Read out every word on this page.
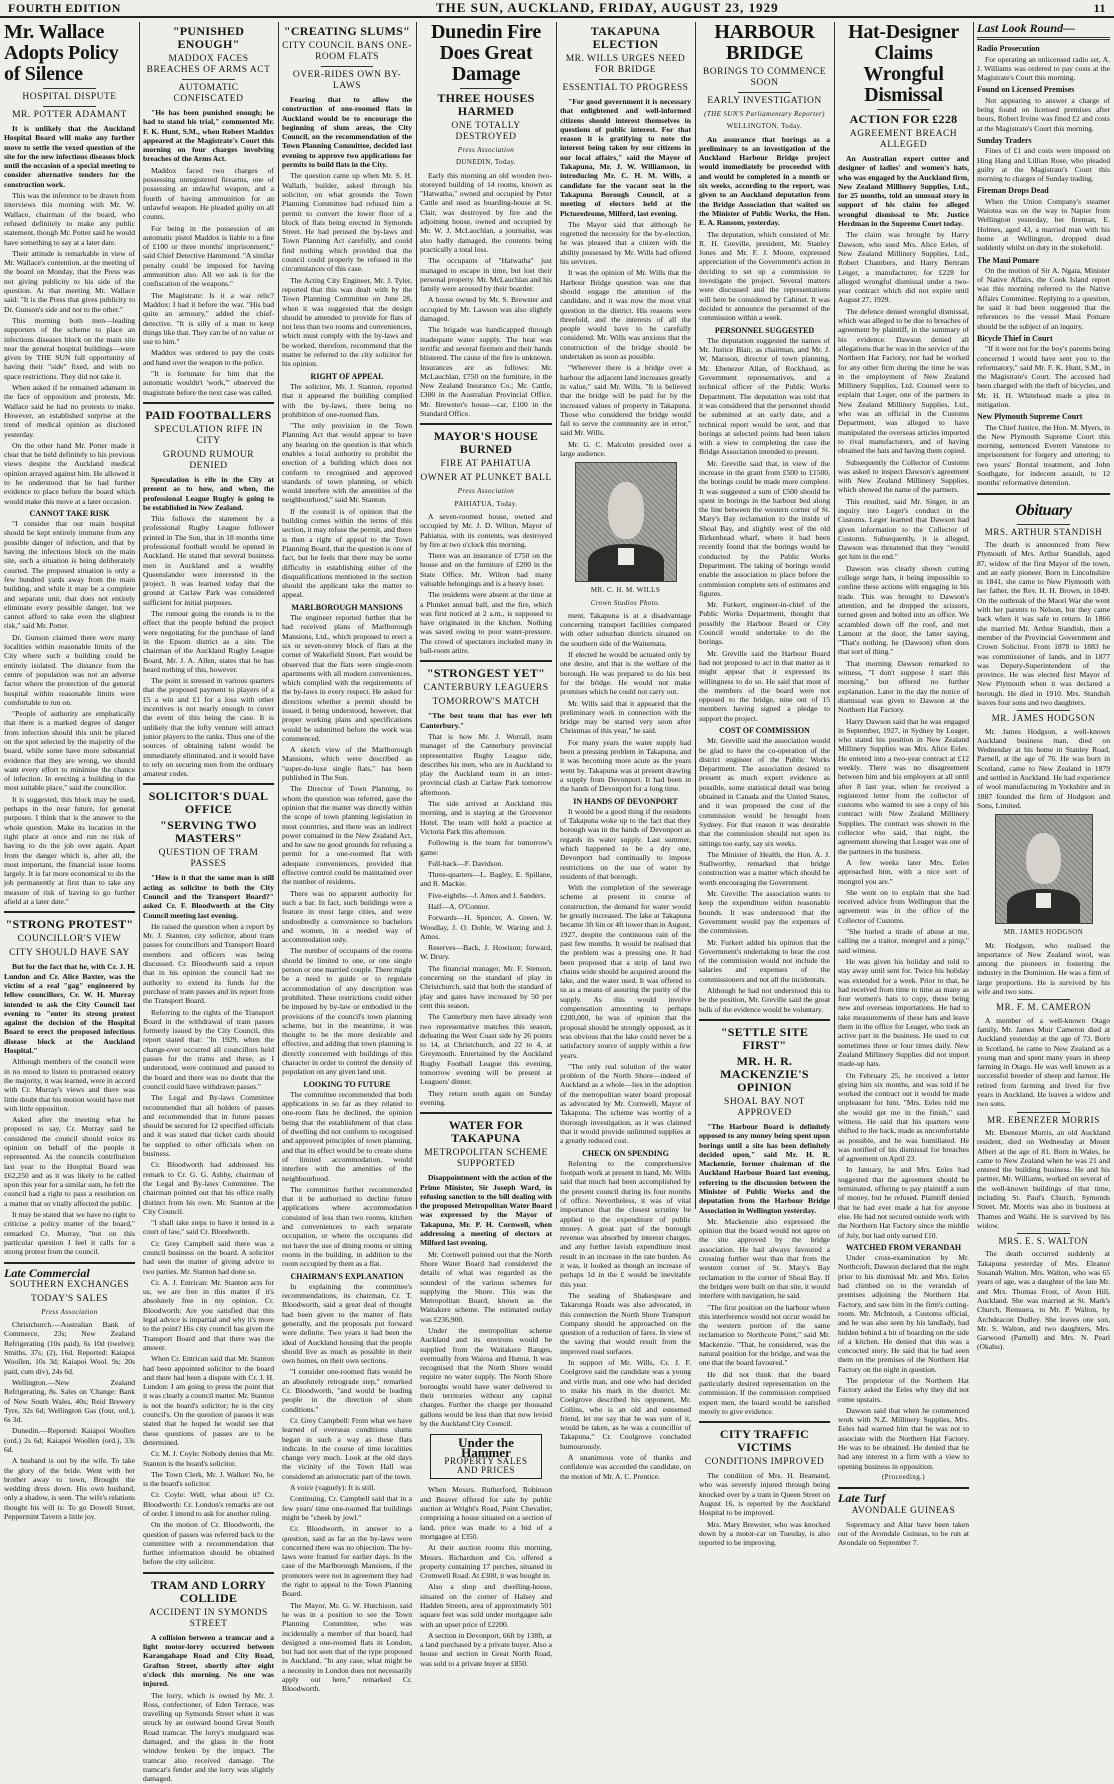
FOURTH EDITION	THE SUN, AUCKLAND, FRIDAY, AUGUST 23, 1929	11
Mr. Wallace Adopts Policy of Silence
HOSPITAL DISPUTE
MR. POTTER ADAMANT

It is unlikely that the Auckland Hospital Board will make any further move to settle the vexed question of the site for the new infectious diseases block until the occasion of a special meeting to consider alternative tenders for the construction work.

This was the inference to be drawn from interviews this morning with Mr. W. Wallace, chairman of the board, who refused definitely to make any public statement, though Mr. Potter said he would have something to say at a later date.

Their attitude is remarkable in view of Mr. Wallace's contention, at the meeting of the board on Monday, that the Press was not giving publicity to his side of the question. At that meeting Mr. Wallace said: "It is the Press that gives publicity to Dr. Gunson's side and not to the other."

This morning both men—leading supporters of the scheme to place an infectious diseases block on the main site near the general hospital buildings—were given by THE SUN full opportunity of having their "side" fixed, and with no space restrictions. They did not take it.

When asked if he remained adamant in the face of opposition and protests, Mr. Wallace said he had no protests to make. However, an established surprise at the trend of medical opinion as disclosed yesterday.

On the other hand Mr. Potter made it clear that he held definitely to his previous views despite the Auckland medical opinion arrayed against him. He allowed it to be understood that he had further evidence to place before the board which would make this move at a later occasion.

CANNOT TAKE RISK

"I consider that our main hospital should be kept entirely immune from any possible danger of infection, and that by having the infectious block on the main site, such a situation is being deliberately courted. The proposed situation is only a few hundred yards away from the main building, and while it may be a complete and separate unit, that does not entirely eliminate every possible danger, but we cannot afford to take even the slightest risk," said Mr. Potter.

Dr. Gunson claimed there were many localities within reasonable limits of the City where such a building could be entirely isolated. The distance from the centre of population was not an adverse factor where the protection of the general hospital within reasonable limits were comfortable to run on.

"People of authority are emphatically that there is a marked degree of danger from infection should this unit be placed on the spot selected by the majority of the board, while some have more substantial evidence that they are wrong, we should want every effort to minimise the chance of infection. In erecting a building in the most suitable place," said the councillor.

It is suggested, this block may be used, perhaps in the near future, for general purposes. I think that is the answer to the whole question. Make its location in the right place at once and run no risk of having to do the job over again. Apart from the danger which is, after all, the most important, the financial issue looms largely. It is far more economical to do the job permanently at first than to take any measure of risk of having to go further afield at a later date."

"STRONG PROTEST"
COUNCILLOR'S VIEW
CITY SHOULD HAVE SAY

But for the fact that he, with Cr. J. H. Lundon and Cr. Alice Baxter, was the victim of a real "gag" engineered by fellow councillors, Cr. W. H. Murray intended to ask the City Council last evening to "enter its strong protest against the decision of the Hospital Board to erect the proposed infectious disease block at the Auckland Hospital."

Although members of the council were in no mood to listen to protracted oratory the majority, it was learned, were in accord with Cr. Murray's views and there was little doubt that his motion would have met with little opposition.

Asked after the meeting what he proposed to say, Cr. Murray said he considered the council should voice its opinion on behalf of the people it represented. As the councils contribution last year to the Hospital Board was £62,250 and as it was likely to be called upon this year for a similar sum, he felt the council had a right to pass a resolution on a matter that so vitally affected the public.

It may be stated that we have no right to criticise a policy matter of the board," remarked Cr. Murray, "but on this particular question I feel it calls for a strong protest from the council.

Late Commercial
SOUTHERN EXCHANGES
TODAY'S SALES
Press Association

Christchurch.—Australian Bank of Commerce, 23s; New Zealand Refrigerating (10s paid), 6s 10d (twelve); Smiths, 37s; (2), 16d. Reported: Kaiapoi Woollen, 10s 3d; Kaiapoi Wool. 9s; 20s paid, cum div), 24s 6d.

Wellington.—New Zealand Refrigerating, 8s. Sales on 'Change: Bank of New South Wales, 40s; Reid Brewery Tyre, 32s 6d; Wellington Gas (four, ord.), 6s 3d.

Dunedin.—Reported: Kaiapoi Woollen (ord.) 2s 6d; Kaiapoi Woollen (ord.), 33s 6d.

A husband is out by the wife. To take the glory of the bride. Went with her brother away to town, Brought the wedding dress down. His own husband, only a shadow, is seen. The wife's relations thought his will is: To go Dowell Street, Peppermint Tavern a little joy.

"PUNISHED ENOUGH"
MADDOX FACES BREACHES OF ARMS ACT
AUTOMATIC CONFISCATED

"He has been punished enough; he had to stand his trial," commented Mr. F. K. Hunt, S.M., when Robert Maddox appeared at the Magistrate's Court this morning on four charges involving breaches of the Arms Act.

Maddox faced two charges of possessing unregistered firearms, one of possessing an unlawful weapon, and a fourth of having ammunition for an unlawful weapon. He pleaded guilty on all counts.

For being in the possession of an automatic pistol Maddox is liable to a fine of £100 or three months' imprisonment," said Chief Detective Hammond. "A similar penalty could be imposed for having ammunition also. All we ask is for the confiscation of the weapons."

The Magistrate: Is it a war relic? Maddox: I had it before the war. "His bad quite an armoury," added the chief-detective. "It is silly of a man to keep things like that. They can be of no value or use to him."

Maddox was ordered to pay the costs and hand over the weapon to the police.

"It is fortunate for him that the automatic wouldn't 'work,'" observed the magistrate before the next case was called.

PAID FOOTBALLERS
SPECULATION RIFE IN CITY
GROUND RUMOUR DENIED

Speculation is rife in the City at present as to how, and when, the professional League Rugby is going to be established in New Zealand.

This follows the statement by a professional Rugby League follower printed in The Sun, that in 18 months time professional football would be opened in Auckland. He stated that several business men in Auckland and a wealthy Queenslander were interested in the project. It was learned today that the ground at Carlaw Park was considered sufficient for initial purposes.

The rumour going the rounds is to the effect that the people behind the project were negotiating for the purchase of land in the Epsom district as a site. The chairman of the Auckland Rugby League Board, Mr. J. A. Allen, states that he has heard nothing of this, however.

The point is stressed in various quarters that the proposed payment to players of a £5 a win and £1 for a loss with other incentives is not nearly enough to cover the event of this being the case. It is unlikely that the lofty venture will attract junior players to the ranks. Thus one of the sources of obtaining talent would be immediately eliminated, and it would have to rely on securing men from the ordinary amateur codes.

SOLICITOR'S DUAL OFFICE
"SERVING TWO MASTERS"
QUESTION OF TRAM PASSES

"How is it that the same man is still acting as solicitor to both the City Council and the Transport Board?" asked Cr. F. Bloodworth at the City Council meeting last evening.

He raised the question when a report by Mr. J. Stanton, city solicitor, about tram passes for councillors and Transport Board members and officers was being discussed. Cr. Bloodworth said a report that in his opinion the council had no authority to extend its funds for the purchase of tram passes and its report from the Transport Board.

Referring to the rights of the Transport Board in the withdrawal of tram passes formerly issued by the City Council, this report stated that: "In 1929, when the change-over occurred all councillors held passes for the trams and these, as I understood, were continued and passed to the board and there was no doubt that the council could have withdrawn passes."

The Legal and By-laws Committee recommended that all holders of passes and recommended that in future passes should be secured for 12 specified officials and it was stated that ticket cards should be supplied to other officials when on business.

Cr. Bloodworth had addressed his remark to Cr. G. G. Ashby, chairman of the Legal and By-laws Committee. The chairman pointed out that his office really distinct from his own. Mr. Stanton at the City Council.

"I shall take steps to have it tested in a court of law," said Cr. Bloodworth.

Cr. Grey Campbell said there was a council business on the board. A solicitor had seen the matter of giving advice to two parties. Mr. Stanton had done so.

Cr. A. J. Entrican: Mr. Stanton acts for us, we are free in this matter if it's absolutely free in my opinion. Cr. Bloodworth: Are you satisfied that this legal advice is impartial and why it's more to the point? His city council has given the Transport Board and that there was the answer.

When Cr. Entrican said that Mr. Stanton had been appointed solicitor to the board and there had been a dispute with Cr. J. H. Lundon: I am going to press the point that it was clearly a council matter. Mr. Stanton is not the board's solicitor; he is the city council's. On the question of passes it was stated that he hoped he would see that these questions of passes are to be determined.

Cr. M. J. Coyle: Nobody denies that Mr. Stanton is the board's solicitor.

The Town Clerk, Mr. J. Walker: No, he is the board's solicitor.

Cr. Coyle: Well, what about it? Cr. Bloodworth: Cr. London's remarks are out of order. I intend to ask for another ruling.

On the motion of Cr. Bloodworth, the question of passes was referred back to the committee with a recommendation that further information should be obtained before the city solicitor.

TRAM AND LORRY COLLIDE
ACCIDENT IN SYMONDS STREET

A collision between a tramcar and a light motor-lorry occurred between Karangahape Road and City Road, Grafton Street, shortly after eight o'clock this morning. No one was injured.

The lorry, which is owned by Mr. J. Ross, confectioner, of Eden Terrace, was travelling up Symonds Street when it was struck by an outward bound Great South Road tramcar. The lorry's mudguard was damaged, and the glass in the front window broken by the impact. The tramcar also received damage. The tramcar's fender and the lorry was slightly damaged.

"CREATING SLUMS"
CITY COUNCIL BANS ONE-ROOM FLATS
OVER-RIDES OWN BY-LAWS

Fearing that to allow the construction of one-roomed flats in Auckland would be to encourage the beginning of slum areas, the City Council, on the recommendation of the Town Planning Committee, decided last evening to approve two applications for permits to build flats in the City.

The question came up when Mr. S. H. Wallath, builder, asked through his solicitor, on what grounds the Town Planning Committee had refused him a permit to convert the lower floor of a block of flats being erected in Symonds Street. He had perused the by-laws and Town Planning Act carefully, and could find nothing which provided that the council could properly be refused in the circumstances of this case.

The Acting City Engineer, Mr. J. Tyler, reported that this was dealt with by the Town Planning Committee on June 28, when it was suggested that the design should be amended to provide for flats of not less than two rooms and conveniences, which must comply with the by-laws and be worked, therefore, recommend that the matter be referred to the city solicitor for his opinion.

RIGHT OF APPEAL

The solicitor, Mr. J. Stanton, reported that it appeared the building complied with the by-laws, there being no prohibition of one-roomed flats.

"The only provision in the Town Planning Act that would appear to have any bearing on the question is that which enables a local authority to prohibit the erection of a building which does not conform to recognised and approved standards of town planning, or which would interfere with the amenities of the neighbourhood," said Mr. Stanton.

If the council is of opinion that the building comes within the terms of this section, it may refuse the permit, and there is then a right of appeal to the Town Planning Board, that the question is one of fact, but he feels that there may be some difficulty in establishing either of the disqualifications mentioned in the section should the applicant take the matter to appeal.

MARLBOROUGH MANSIONS

The engineer reported further that he had received plans of Marlborough Mansions, Ltd., which proposed to erect a six or seven-storey block of flats at the corner of Wakefield Street. Part would be observed that the flats were single-room apartments with all modern conveniences, which complied with the requirements of the by-laws in every respect. He asked for directions whether a permit should be issued, it being understood, however, that proper working plans and specifications would be submitted before the work was commenced.

A sketch view of the Marlborough Mansions, which were described as "super-de-luxe single flats," has been published in The Sun.

The Director of Town Planning, to whom the question was referred, gave the opinion that the matter was directly within the scope of town planning legislation in most countries, and there was an indirect power contained in the New Zealand Act, and he saw no good grounds for refusing a permit for a one-roomed flat with adequate conveniences, provided that effective control could be maintained over the number of residents.

There was no apparent authority for such a bar. In fact, such buildings were a feature in most large cities, and were undoubtedly a convenience to bachelors and women, in a needed way of accommodation only.

The number of occupants of the rooms should be limited to one, or one single person or one married couple. There might be a need to guide or to regulate accommodation of any description was prohibited. These restrictions could either be imposed by by-law or embodied in the provisions of the council's town planning scheme, but in the meantime, it was thought to be the more desirable and effective, and adding that town planning is directly concerned with buildings of this character in order to control the density of population on any given land unit.

LOOKING TO FUTURE

The committee recommended that both applications in so far as they related to one-room flats be declined, the opinion being that the establishment of that class of dwelling did not conform to recognised and approved principles of town planning, and that its effect would be to create slums of limited accommodation, would interfere with the amenities of the neighbourhood.

The committee further recommended that it be authorised to decline future applications where accommodation consisted of less than two rooms, kitchen and conveniences to each separate occupation, or where the occupants did not have the use of dining rooms or sitting rooms in the building, in addition to the room occupied by them as a flat.

CHAIRMAN'S EXPLANATION

In explaining the committee's recommendations, its chairman, Cr. T. Bloodworth, said a great deal of thought had been given to the matter of flats generally, and the proposals put forward were definite. Two years it had been the ideal of Auckland housing that the people should live as much as possible in their own homes, on their own sections.

"I consider one-roomed flats would be an absolutely retrograde step," remarked Cr. Bloodworth, "and would be leading people in the direction of slum conditions."

Cr. Grey Campbell: From what we have learned of overseas conditions slums began in such a way as these flats indicate. In the course of time localities change very much. Look at the old days the vicinity of the Town Hall was considered an aristocratic part of the town.

A voice (vaguely): It is still.

Continuing, Cr. Campbell said that in a few years' time one-roomed flat buildings might be "cheek by jowl."

Cr. Bloodworth, in answer to a question, said as far as the by-laws were concerned there was no objection. The by-laws were framed for earlier days. In the case of the Marlborough Mansions, if the promoters were not in agreement they had the right to appeal to the Town Planning Board.

The Mayor, Mr. G. W. Hutchison, said he was in a position to see the Town Planning Committee, who was incidentally a member of that board, had designed a one-roomed flats in London, but had not seen that of the type proposed in Auckland. "In any case, what might be a necessity in London does not necessarily apply out here," remarked Cr. Bloodworth.

Dunedin Fire Does Great Damage
THREE HOUSES HARMED
ONE TOTALLY DESTROYED
Press Association
DUNEDIN, Today.

Early this morning an old wooden two-storeyed building of 14 rooms, known as "Hatwatha," owned and occupied by Peter Cattle and used as boarding-house at St. Clair, was destroyed by fire and the adjoining house, owned and occupied by Mr. W. J. McLauchlan, a journalist, was also badly damaged, the contents being practically a total loss.

The occupants of "Hatwatha" just managed to escape in time, but lost their personal property. Mr. McLauchlan and his family were aroused by their boarder.

A house owned by Mr. S. Brewster and occupied by Mr. Lawson was also slightly damaged.

The brigade was handicapped through inadequate water supply. The heat was terrific and several firemen and their hands blistered. The cause of the fire is unknown. Insurances are as follows: Mr. McLauchlan, £750 on the furniture, in the New Zealand Insurance Co.; Mr. Cattle, £300 in the Australian Provincial Office. Mr. Brewster's house—car, £100 in the Standard Office.

MAYOR'S HOUSE BURNED
FIRE AT PAHIATUA
OWNER AT PLUNKET BALL
Press Association
PAHIATUA, Today.

A seven-roomed house, owned and occupied by Mr. J. D. Wilton, Mayor of Pahiatua, with its contents, was destroyed by fire at two o'clock this morning.

There was an insurance of £750 on the house and on the furniture of £200 in the State Office. Mr. Wilton had many valuable belongings and is a heavy loser.

The residents were absent at the time at a Plunket annual ball, and the fire, which was first noticed at 2 a.m., is supposed to have originated in the kitchen. Nothing was saved owing to poor water-pressure. The crowd of spectators included many in ball-room attire.

"STRONGEST YET"
CANTERBURY LEAGUERS
TOMORROW'S MATCH

"The best team that has ever left Canterbury."

That is how Mr. J. Worrall, team manager of the Canterbury provincial representative Rugby League side, describes his men, who are in Auckland to play the Auckland team in an inter-provincial clash at Carlaw Park tomorrow afternoon.

The side arrived at Auckland this morning, and is staying at the Grosvenor Hotel. The team will hold a practice at Victoria Park this afternoon.

Following is the team for tomorrow's game:

Full-back—F. Davidson.

Three-quarters—L. Bagley, E. Spillane, and R. Mackie.

Five-eighths—J. Amos and J. Sanders.

Half—A. O'Connor.

Forwards—H. Spencer, A. Green, W. Woodlay, J. O. Doble, W. Waring and J. Amos.

Reserves—Back, J. Howison; forward, W. Drury.

The financial manager, Mr. F. Stenson, concerning on the standard of play in Christchurch, said that both the standard of play and gates have increased by 50 per cent this season.

The Canterbury men have already won two representative matches this season, defeating the West Coast side by 26 points to 14, at Christchurch, and 22 to 4, at Greymouth. Entertained by the Auckland Rugby Football League this evening, tomorrow evening will be present at Leaguers' dinner.

They return south again on Sunday evening.

WATER FOR TAKAPUNA
METROPOLITAN SCHEME SUPPORTED

Disappointment with the action of the Prime Minister, Sir Joseph Ward, in refusing sanction to the bill dealing with the proposed Metropolitan Water Board was expressed by the Mayor of Takapuna, Mr. P. H. Cornwell, when addressing a meeting of electors at Milford last evening.

Mr. Cornwell pointed out that the North Shore Water Board had considered the details of what was regarded as the soundest of the various schemes for supplying the Shore. This was the Metropolitan Board, known as the Waitakere scheme. The estimated outlay was £236,900.

Under the metropolitan scheme Auckland and its environs would be supplied from the Waitakere Ranges, eventually from Wairoa and Hunua. It was recognised that the North Shore would require no water supply. The North Shore boroughs would have water delivered to their territories without any capital charges. Further the charge per thousand gallons would be less than that now levied by the Auckland City Council.

Under the Hammer
PROPERTY SALES AND PRICES

When Messrs. Rutherford, Robinson and Beaver offered for sale by public auction at Wright's Road, Point Chevalier, comprising a house situated on a section of land, price was made to a bid of a mortgagee at £350.

At their auction rooms this morning, Messrs. Richardson and Co. offered a property containing 17 perches, situated in Cromwell Road. At £300, it was bought in.

Also a shop and dwelling-house, situated on the corner of Halsey and Hadden Streets, area of approximately 501 square feet was sold under mortgagee sale with an upset price of £2200.

A section in Devonport, 66ft by 138ft, at a land purchased by a private buyer. Also a house and section in Great North Road, was sold to a private buyer at £850.

TAKAPUNA ELECTION
MR. WILLS URGES NEED FOR BRIDGE
ESSENTIAL TO PROGRESS

"For good government it is necessary that enlightened and well-informed citizens should interest themselves in questions of public interest. For that reason it is gratifying to note the interest being taken by our citizens in our local affairs," said the Mayor of Takapuna, Mr. J. W. Williamson, in introducing Mr. C. H. M. Wills, a candidate for the vacant seat in the Takapuna Borough Council, at a meeting of electors held at the Picturedrome, Milford, last evening.

The Mayor said that although he regretted the necessity for the by-election, he was pleased that a citizen with the ability possessed by Mr. Wills had offered his services.

It was the opinion of Mr. Wills that the Harbour Bridge question was one that should engage the attention of the candidate, and it was now the most vital question in the district. His reasons were threefold, and the interests of all the people would have to be carefully considered. Mr. Wills was anxious that the construction of the bridge should be undertaken as soon as possible.

"Wherever there is a bridge over a harbour the adjacent land increases greatly in value," said Mr. Wills. "It is believed that the bridge will be paid for by the increased values of property in Takapuna. Those who considered the bridge would fail to serve the community are in error," said Mr. Wills.

Mr. G. C. Malcolm presided over a large audience.

MR. C. H. M. WILLS
Crown Studios Photo.

ment, Takapuna is at a disadvantage concerning transport facilities compared with other suburban districts situated on the southern side of the Waitemata.

If elected he would be actuated only by one desire, and that is the welfare of the borough. He was prepared to do his best for the bridge. He would not make promises which he could not carry out.

Mr. Wills said that it appeared that the preliminary work in connection with the bridge may be started very soon after Christmas of this year," he said.

For many years the water supply had been a pressing problem in Takapuna, and it was becoming more acute as the years went by. Takapuna was at present drawing a supply from Devonport. It had been in the hands of Devonport for a long time.

IN HANDS OF DEVONPORT

It would be a good thing if the residents of Takapuna woke up to the fact that they borough was in the hands of Devonport as regards its water supply. Last summer, which happened to be a dry one, Devonport had continually to impose restrictions on the use of water by residents of that borough.

With the completion of the sewerage scheme at present in course of construction, the demand for water would be greatly increased. The lake at Takapuna became 3ft 6in or 4ft lower than in August, 1927, despite the continuous rain of the past few months. It would be realised that the problem was a pressing one. It had been proposed that a strip of land two chains wide should be acquired around the lake, and the water used. It was offered to us as a means of assuring the purity of the supply. As this would involve compensation amounting to perhaps £200,000, he was of opinion that the proposal should be strongly opposed, as it was obvious that the lake could never be a satisfactory source of supply within a few years.

"The only real solution of the water problem of the North Shore—indeed of Auckland as a whole—lies in the adoption of the metropolitan water board proposal as advocated by Mr. Cornwell, Mayor of Takapuna. The scheme was worthy of a thorough investigation, as it was claimed that it would provide unlimited supplies at a greatly reduced cost.

CHECK ON SPENDING

Referring to the comprehensive footpath work at present in hand, Mr. Wills said that much had been accomplished by the present council during its four months of office. Nevertheless, it was of vital importance that the closest scrutiny be applied to the expenditure of public money. A great part of the borough revenue was absorbed by interest charges, and any further lavish expenditure must result in an increase in the rate burden. As it was, it looked as though an increase of perhaps 1d in the £ would be inevitable this year.

The sealing of Shakespeare and Takarunga Roads was also advocated, in this connection the North Shore Transport Company should be approached on the question of a reduction of fares. In view of the saving that would result from the improved road surfaces.

In support of Mr. Wills, Cr. J. F. Coolgrove said the candidate was a young and virile man, and one who had decided to make his mark in the district. Mr. Coolgrove described his opponent, Mr. Collins, who is an old and esteemed friend, let me say that he was sure of it, would be taken, as he was a councillor of Takapuna," Cr. Coolgrove concluded humourously.

A unanimous vote of thanks and confidence was accorded the candidate, on the motion of Mr. A. C. Prentice.

HARBOUR BRIDGE
BORINGS TO COMMENCE SOON
EARLY INVESTIGATION
(THE SUN'S Parliamentary Reporter)
WELLINGTON, Today.

An assurance that borings as a preliminary to an investigation of the Auckland Harbour Bridge project would immediately be proceeded with and would be completed in a month or six weeks, according to the report, was given to an Auckland deputation from the Bridge Association that waited on the Minister of Public Works, the Hon. E. A. Ransom, yesterday.

The deputation, which consisted of Mr. R. H. Greville, president, Mr. Stanley Jones and Mr. F. J. Moore, expressed appreciation of the Government's action in deciding to set up a commission to investigate the project. Several matters were discussed and the representations will here be considered by Cabinet. It was decided to announce the personnel of the commission within a week.

PERSONNEL SUGGESTED

The deputation suggested the names of Mr. Justice Blair, as chairman, and Mr. J. W. Marsson, director of town planning, Mr. Ebenezer Allan, of Rockhaud, as Government representatives, and a technical officer of the Public Works Department. The deputation was told that it was considered that the personnel should be submitted at an early date, and a technical report would be sent, and that borings at selected points had been taken with a view to completing the case the Bridge Association intended to present.

Mr. Greville said that, in view of the increase in the grant from £500 to £1500, the borings could be made more complete. It was suggested a sum of £500 should be spent in borings in the harbour bed along the line between the western corner of St. Mary's Bay reclamation to the inside of Shoal Bay, and slightly west of the old Birkenhead wharf, where it had been recently found that the borings would be conducted by the Public Works Department. The taking of borings would enable the association to place before the commission complete sets of estimates and figures.

Mr. Furkert, engineer-in-chief of the Public Works Department, thought that possibly the Harbour Board or City Council would undertake to do the borings.

Mr. Greville said the Harbour Board had not proposed to act in that matter as it might appear that it expressed its willingness to do so. He said that most of the members of the board were not opposed to the bridge, nine out of 15 members having signed a pledge to support the project.

COST OF COMMISSION

Mr. Greville said the association would be glad to have the co-operation of the district engineer of the Public Works Department. The association desired to present as much expert evidence as possible, some statistical detail was being obtained in Canada and the United States, and it was proposed the cost of the commission would be brought from Sydney. For that reason it was desirable that the commission should not open its sittings too early, say six weeks.

The Minister of Health, the Hon. A. J. Stallworthy, remarked that bridge construction was a matter which should be worth encouraging the Government.

Mr. Greville: The association wants to keep the expenditure within reasonable bounds. It was understood that the Government would pay the expenses of the commission.

Mr. Furkert added his opinion that the Government's undertaking to bear the cost of the commission would not include the salaries and expenses of the commissioners and not all the incidentals.

Although he had not understood this to be the position, Mr. Greville said the great bulk of the evidence would be voluntary.

"SETTLE SITE FIRST"
MR. H. R. MACKENZIE'S OPINION
SHOAL BAY NOT APPROVED

"The Harbour Board is definitely opposed to any money being spent upon borings until a site has been definitely decided upon," said Mr. H. R. Mackenzie, former chairman of the Auckland Harbour Board last evening, referring to the discussion between the Minister of Public Works and the deputation from the Harbour Bridge Association in Wellington yesterday.

Mr. Mackenzie also expressed the opinion that the board would not agree on the site approved by the bridge association. He had always favoured a crossing further west than that from the western corner of St. Mary's Bay reclamation to the corner of Shoal Bay. If the bridges were built on that site, it would interfere with navigation, he said.

"The first position on the harbour where this interference would not occur would be the western portion of the same reclamation to Northcote Point," said Mr. Mackenzie. "That, he considered, was the natural position for the bridge, and was the one that the board favoured."

He did not think that the board particularly desired representation on the commission. If the commission comprised expert men, the board would be satisfied merely to give evidence.

CITY TRAFFIC VICTIMS
CONDITIONS IMPROVED

The condition of Mrs. H. Beamand, who was severely injured through being knocked over by a tram in Queen Street on August 16, is reported by the Auckland Hospital to be improved.

Mrs. Mary Brewster, who was knocked down by a motor-car on Tuesday, is also reported to be improving.

Hat-Designer Claims Wrongful Dismissal
ACTION FOR £228
AGREEMENT BREACH ALLEGED

An Australian expert cutter and designer of ladies' and women's hats, who was engaged by the Auckland firm, New Zealand Millinery Supplies, Ltd., for 25 months, told an unusual story in support of his claim for alleged wrongful dismissal to Mr. Justice Herdman in the Supreme Court today.

The claim was brought by Harry Dawson, who sued Mrs. Alice Eeles, of New Zealand Millinery Supplies, Ltd., Robert Chambers, and Harry Bertram Leiger, a manufacturer, for £228 for alleged wrongful dismissal under a two-year contract which did not expire until August 27, 1929.

The defence denied wrongful dismissal, which was alleged to be due to breaches of agreement by plaintiff, in the summary of his evidence. Dawson denied all allegations that he was in the service of the Northern Hat Factory, nor had he worked for any other firm during the time he was in the employment of New Zealand Millinery Supplies, Ltd. Counsel were to explain that Leger, one of the partners in New Zealand Millinery Supplies, Ltd., who was an official in the Customs Department, was alleged to have manipulated the overseas articles imported to rival manufacturers, and of having obtained the hats and having them copied.

Subsequently the Collector of Customs was asked to inspect Dawson's agreement with New Zealand Millinery Supplies, which showed the name of the partners.

This resulted, said Mr. Singer, in an inquiry into Leger's conduct in the Customs. Leger learned that Dawson had given information to the Collector of Customs. Subsequently, it is alleged, Dawson was threatened that they "would get him in the end."

Dawson was clearly shown cutting college serge hats, it being impossible to confine these actions with engaging in his trade. This was brought to Dawson's attention, and he dropped the scissors, turned green and bolted into an office. We scrambled down off the roof, and met Lamont at the door, the latter saying, "That's nothing, he (Dawson) often does that sort of thing."

That morning Dawson remarked to witness, "I don't suppose I start this morning," but offered no further explanation. Later in the day the notice of dismissal was given to Dawson at the Northern Hat Factory.

Harry Dawson said that he was engaged in September, 1927, in Sydney by Leager, who stated his position in New Zealand Millinery Supplies was Mrs. Alice Eeles. He entered into a two-year contract at £12 weekly. There was no disagreement between him and his employers at all until after 8 last year, when he received a registered letter from the collector of customs who wanted to see a copy of his contract with New Zealand Millinery Supplies. The contract was shown to the collector who said, that night, the agreement showing that Leager was one of the partners in the business.

A few weeks later Mrs. Eeles approached him, with a nice sort of mongrel you are."

She went on to explain that she had received advice from Wellington that the agreement was in the office of the Collector of Customs.

"She hurled a tirade of abuse at me, calling me a traitor, mongrel and a pimp," said witness.

He was given his holiday and told to stay away until sent for. Twice his holiday was extended for a week. Prior to that, he had received from time to time as many as four women's hats to copy, these being new and overseas importations. He had to take measurements of these hats and leave them in the office for Leager, who took an active part in the business. He used to cut sometimes three or four times daily. New Zealand Millinery Supplies did not import made-up hats.

On February 25, he received a letter giving him six months, and was told if he worked the contract out it would be made unpleasant for him. "Mrs. Eeles told me she would get me in the finish," said witness. He said that his quarters were shifted to the back, made as uncomfortable as possible, and he was humiliated. He was notified of his dismissal for breaches of agreement on April 23.

In January, he and Mrs. Eeles had suggested that the agreement should be terminated, offering to pay plaintiff a sum of money, but he refused. Plaintiff denied that he had ever made a hat for anyone else. He had not secured outside work with the Northern Hat Factory since the middle of July, but had only earned £10.

WATCHED FROM VERANDAH

Under cross-examination by Mr. Northcroft, Dawson declared that the night prior to his dismissal Mr. and Mrs. Eeles had climbed on to the verandah of premises adjoining the Northern Hat Factory, and saw him in the firm's cutting-room. Mr. McIntosh, a Customs official, and he was also seen by his landlady, had hidden behind a bit of boarding on the side of a kitchen. He denied that this was a concocted story. He said that he had seen them on the premises of the Northern Hat Factory on the night in question.

The proprietor of the Northern Hat Factory asked the Eeles why they did not come upstairs.

Dawson said that when he commenced work with N.Z. Millinery Supplies, Mrs. Eeles had warned him that he was not to associate with the Northern Hat Factory. He was to be obtained. He denied that he had any interest in a firm with a view to opening business in opposition.

(Proceeding.)
Late Turf
AVONDALE GUINEAS

Supremacy and Altar have been taken out of the Avondale Guineas, to be run at Avondale on September 7.

Last Look Round—
Radio Prosecution

For operating an unlicensed radio set, A. J. Williams was ordered to pay costs at the Magistrate's Court this morning.

Found on Licensed Premises

Not appearing to answer a charge of being found on licensed premises after hours, Robert Irvine was fined £2 and costs at the Magistrate's Court this morning.

Sunday Traders

Fines of £1 and costs were imposed on Hing Hang and Lillian Rose, who pleaded guilty at the Magistrate's Court this morning to charges of Sunday trading.

Fireman Drops Dead

When the Union Company's steamer Waiotea was on the way to Napier from Wellington yesterday, her fireman, E. Holmes, aged 43, a married man with his home at Wellington, dropped dead suddenly whilst on duty in the stokehold.

The Maui Pomare

On the motion of Sir A. Ngata, Minister of Native Affairs, the Cook Island report was this morning referred to the Native Affairs Committee. Replying to a question, he said it had been suggested that the references to the vessel Maui Pomare should be the subject of an inquiry.

Bicycle Thief in Court

"If it were not for the boy's parents being concerned I would have sent you to the reformatory," said Mr. F. K. Hunt, S.M., in the Magistrate's Court. The accused had been charged with the theft of bicycles, and Mr. H. H. Whitehead made a plea in mitigation.

New Plymouth Supreme Court

The Chief Justice, the Hon. M. Myers, in the New Plymouth Supreme Court this morning, sentenced Everett Vanstone to imprisonment for forgery and uttering; to two years' Borstal treatment, and John Southgate, for indecent assault, to 12 months' reformative detention.

Obituary
MRS. ARTHUR STANDISH

The death is announced from New Plymouth of Mrs. Arthur Standish, aged 87, widow of the first Mayor of the town, and an early pioneer. Born in Lincolnshire in 1841, she came to New Plymouth with her father, the Rev. H. H. Brown, in 1849. On the outbreak of the Maori War she went with her parents to Nelson, but they came back when it was safe to return. In 1866 she married Mr. Arthur Standish, then a member of the Provincial Government and Crown Solicitor. From 1878 to 1883 he was commissioner of lands, and in 1877 was Deputy-Superintendent of the province. He was elected first Mayor of New Plymouth when it was declared a borough. He died in 1910. Mrs. Standish leaves four sons and two daughters.

MR. JAMES HODGSON

Mr. James Hodgson, a well-known Auckland business man, died on Wednesday at his home in Stanley Road, Parnell, at the age of 76. He was born in Scotland, came to New Zealand in 1879 and settled in Auckland. He had experience of wool manufacturing in Yorkshire and in 1887 founded the firm of Hodgson and Sons, Limited.

MR. JAMES HODGSON

Mr. Hodgson, who realised the importance of New Zealand wool, was among the pioneers in fostering the industry in the Dominion. He was a firm of large proportions. He is survived by his wife and two sons.

MR. F. M. CAMERON

A member of a well-known Otago family, Mr. James Muir Cameron died at Auckland yesterday at the age of 73. Born in Scotland, he came to New Zealand as a young man and spent many years in sheep farming in Otago. He was well known as a successful breeder of sheep and farmer. He retired from farming and lived for five years in Auckland. He leaves a widow and two sons.

MR. EBENEZER MORRIS

Mr. Ebenezer Morris, an old Auckland resident, died on Wednesday at Mount Albert at the age of 81. Born in Wales, he came to New Zealand when he was 21 and entered the building business. He and his partner, Mr. Williams, worked on several of the well-known buildings of that time, including St. Paul's Church, Symonds Street. Mr. Morris was also in business at Thames and Waihi. He is survived by his widow.

MRS. E. S. WALTON

The death occurred suddenly at Takapuna yesterday of Mrs. Eleanor Susanah Walton. Mrs. Walton, who was 65 years of age, was a daughter of the late Mr. and Mrs. Thomas Frost, of Avon Hill, Auckland. She was married at St. Mark's Church, Remuera, to Mr. P. Walton, by Archdeacon Dudley. She leaves one son, Mr. S. Walton, and two daughters, Mrs. Garwood (Parnell) and Mrs. N. Pearl (Okahu).
